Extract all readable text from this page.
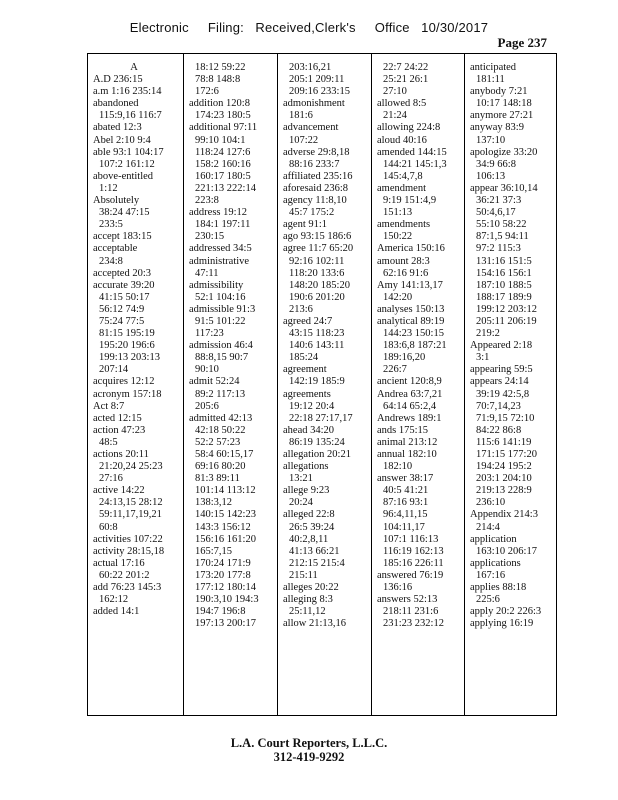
Electronic     Filing:   Received,Clerk's     Office   10/30/2017
Page 237
A
A.D 236:15
a.m 1:16 235:14
abandoned
115:9,16 116:7
abated 12:3
Abel 2:10 9:4
able 93:1 104:17
107:2 161:12
above-entitled
1:12
Absolutely
38:24 47:15
233:5
accept 183:15
acceptable
234:8
accepted 20:3
accurate 39:20
41:15 50:17
56:12 74:9
75:24 77:5
81:15 195:19
195:20 196:6
199:13 203:13
207:14
acquires 12:12
acronym 157:18
Act 8:7
acted 12:15
action 47:23
48:5
actions 20:11
21:20,24 25:23
27:16
active 14:22
24:13,15 28:12
59:11,17,19,21
60:8
activities 107:22
activity 28:15,18
actual 17:16
60:22 201:2
add 76:23 145:3
162:12
added 14:1
18:12 59:22
78:8 148:8
172:6
addition 120:8
174:23 180:5
additional 97:11
99:10 104:1
118:24 127:6
158:2 160:16
160:17 180:5
221:13 222:14
223:8
address 19:12
184:1 197:11
230:15
addressed 34:5
administrative
47:11
admissibility
52:1 104:16
admissible 91:3
91:5 101:22
117:23
admission 46:4
88:8,15 90:7
90:10
admit 52:24
89:2 117:13
205:6
admitted 42:13
42:18 50:22
52:2 57:23
58:4 60:15,17
69:16 80:20
81:3 89:11
101:14 113:12
138:3,12
140:15 142:23
143:3 156:12
156:16 161:20
165:7,15
170:24 171:9
173:20 177:8
177:12 180:14
190:3,10 194:3
194:7 196:8
197:13 200:17
203:16,21
205:1 209:11
209:16 233:15
admonishment
181:6
advancement
107:22
adverse 29:8,18
88:16 233:7
affiliated 235:16
aforesaid 236:8
agency 11:8,10
45:7 175:2
agent 91:1
ago 93:15 186:6
agree 11:7 65:20
92:16 102:11
118:20 133:6
148:20 185:20
190:6 201:20
213:6
agreed 24:7
43:15 118:23
140:6 143:11
185:24
agreement
142:19 185:9
agreements
19:12 20:4
22:18 27:17,17
ahead 34:20
86:19 135:24
allegation 20:21
allegations
13:21
allege 9:23
20:24
alleged 22:8
26:5 39:24
40:2,8,11
41:13 66:21
212:15 215:4
215:11
alleges 20:22
alleging 8:3
25:11,12
allow 21:13,16
22:7 24:22
25:21 26:1
27:10
allowed 8:5
21:24
allowing 224:8
aloud 40:16
amended 144:15
144:21 145:1,3
145:4,7,8
amendment
9:19 151:4,9
151:13
amendments
150:22
America 150:16
amount 28:3
62:16 91:6
Amy 141:13,17
142:20
analyses 150:13
analytical 89:19
144:23 150:15
183:6,8 187:21
189:16,20
226:7
ancient 120:8,9
Andrea 63:7,21
64:14 65:2,4
Andrews 189:1
ands 175:15
animal 213:12
annual 182:10
182:10
answer 38:17
40:5 41:21
87:16 93:1
96:4,11,15
104:11,17
107:1 116:13
116:19 162:13
185:16 226:11
answered 76:19
136:16
answers 52:13
218:11 231:6
231:23 232:12
anticipated
181:11
anybody 7:21
10:17 148:18
anymore 27:21
anyway 83:9
137:10
apologize 33:20
34:9 66:8
106:13
appear 36:10,14
36:21 37:3
50:4,6,17
55:10 58:22
87:1,5 94:11
97:2 115:3
131:16 151:5
154:16 156:1
187:10 188:5
188:17 189:9
199:12 203:12
205:11 206:19
219:2
Appeared 2:18
3:1
appearing 59:5
appears 24:14
39:19 42:5,8
70:7,14,23
71:9,15 72:10
84:22 86:8
115:6 141:19
171:15 177:20
194:24 195:2
203:1 204:10
219:13 228:9
236:10
Appendix 214:3
214:4
application
163:10 206:17
applications
167:16
applies 88:18
225:6
apply 20:2 226:3
applying 16:19
L.A. Court Reporters, L.L.C.
312-419-9292
